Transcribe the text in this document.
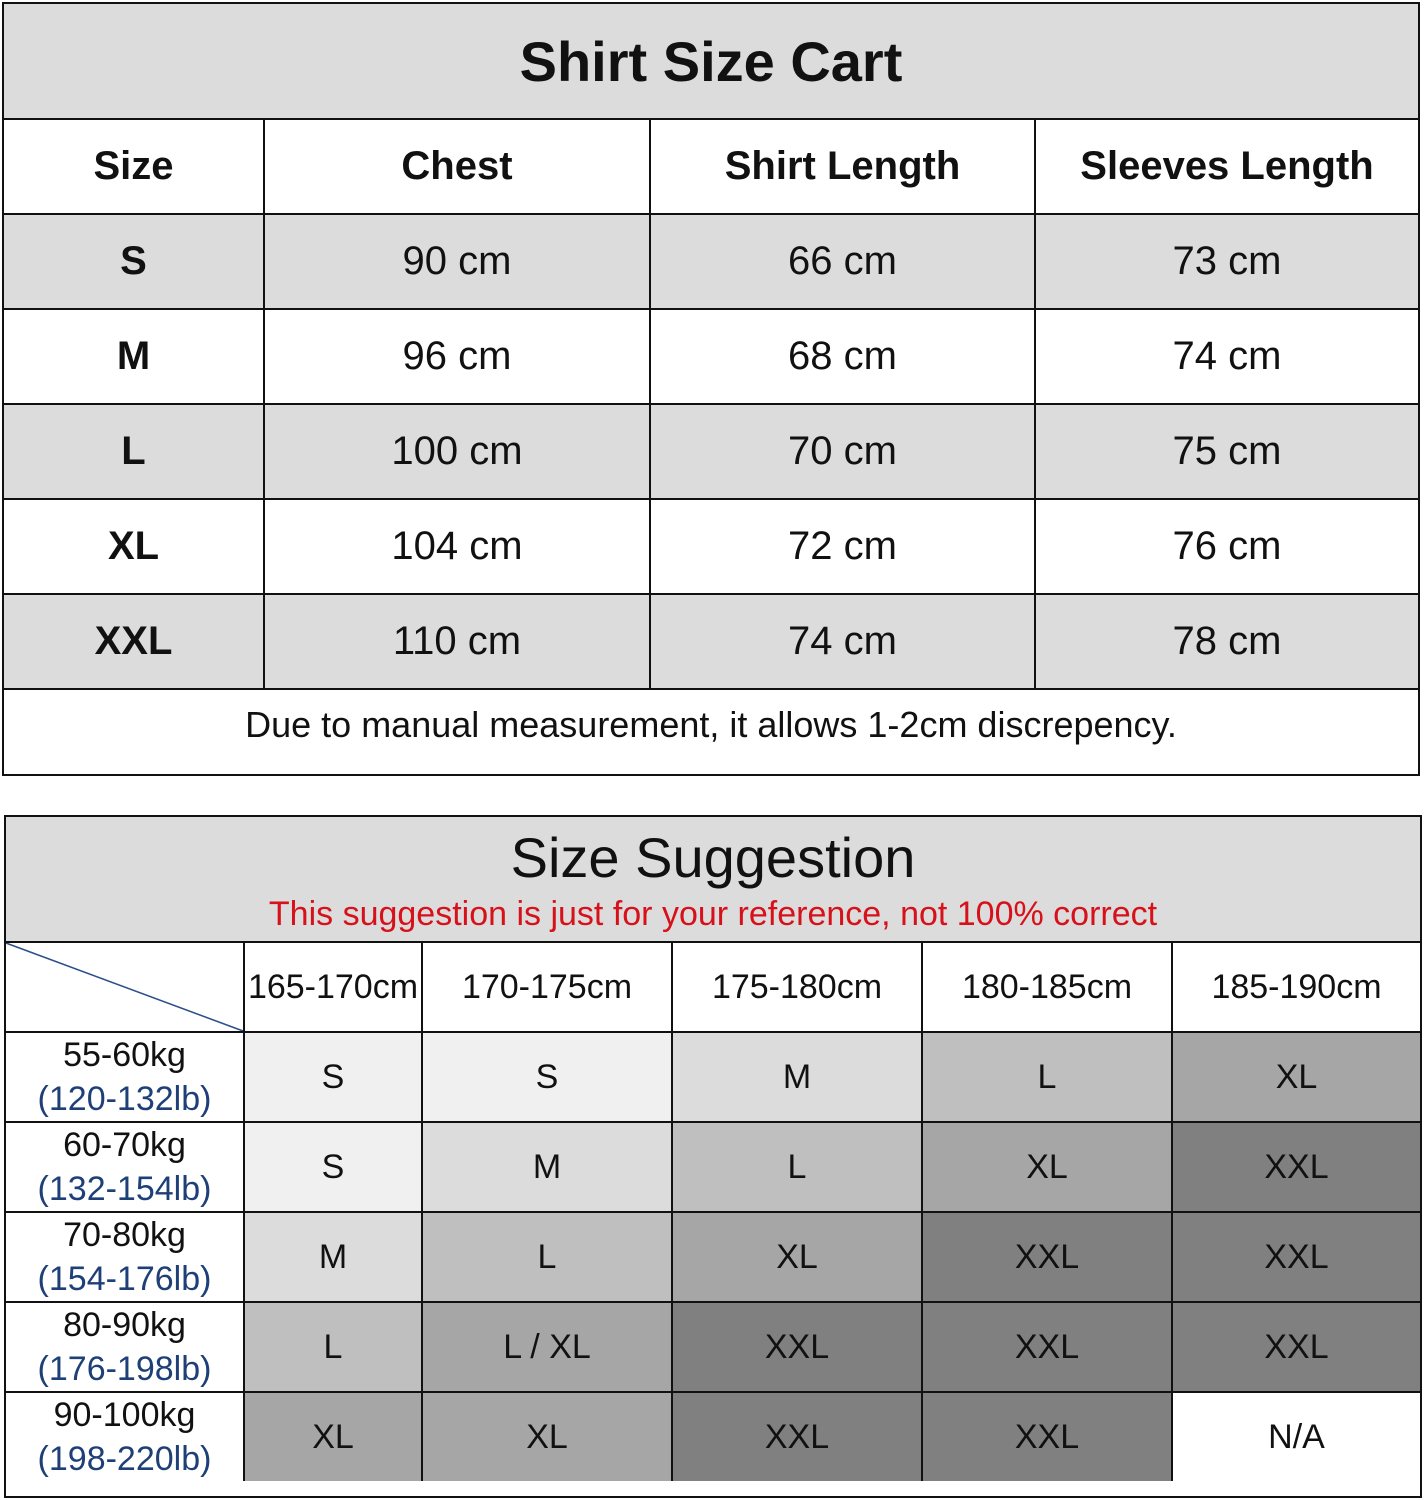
Shirt Size Cart
Size	Chest	Shirt Length	Sleeves Length
S	90 cm	66 cm	73 cm
M	96 cm	68 cm	74 cm
L	100 cm	70 cm	75 cm
XL	104 cm	72 cm	76 cm
XXL	110 cm	74 cm	78 cm
Due to manual measurement, it allows 1-2cm discrepency.			
Size Suggestion
This suggestion is just for your reference, not 100% correct
	165-170cm	170-175cm	175-180cm	180-185cm	185-190cm
55-60kg
(120-132lb)	S	S	M	L	XL
60-70kg
(132-154lb)	S	M	L	XL	XXL
70-80kg
(154-176lb)	M	L	XL	XXL	XXL
80-90kg
(176-198lb)	L	L / XL	XXL	XXL	XXL
90-100kg
(198-220lb)	XL	XL	XXL	XXL	N/A
